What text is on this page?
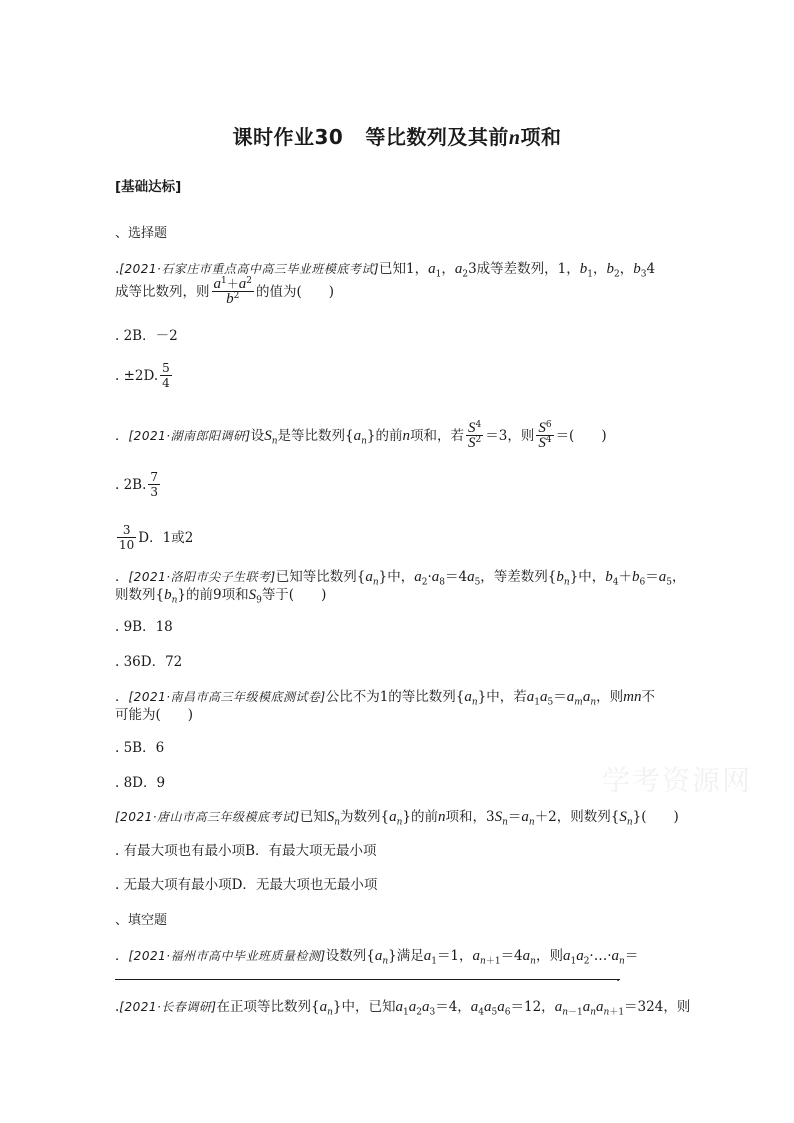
课时作业30 等比数列及其前n项和
[基础达标]
、选择题
.[2021·石家庄市重点高中高三毕业班模底考试]已知1，$a_1$，$a_23$成等差数列，1，$b_1$，$b_2$，$b_34$
成等比数列，则 $\frac{a^1+a^2}{b^2}$ 的值为(　　)
. 2B．－2
. ±2D. $\frac{5}{4}$
．[2021·湖南郎阳调研]设$S_n$是等比数列$\{a_n\}$的前n项和，若 $\frac{S^4}{S^2} =3$，则 $\frac{S^6}{S^4}$ ＝(　　)
. 2B. $\frac{7}{3}$
$\frac{3}{10}$ D．1或2
．[2021·洛阳市尖子生联考]已知等比数列$\{a_n\}$中，$a_2\cdot a_8=4a_5$，等差数列$\{b_n\}$中，$b_4+b_6=a_5$，
则数列$\{b_n\}$的前9项和$S_9$等于(　　)
. 9B．18
. 36D．72
．[2021·南昌市高三年级模底测试卷]公比不为1的等比数列$\{a_n\}$中，若$a_1a_5=a_ma_n$，则mn不
可能为(　　)
. 5B．6
. 8D．9
[2021·唐山市高三年级模底考试]已知$S_n$为数列$\{a_n\}$的前n项和，$3S_n=a_n+2$，则数列$\{S_n\}$(　　)
. 有最大项也有最小项B．有最大项无最小项
. 无最大项有最小项D．无最大项也无最小项
、填空题
．[2021·福州市高中毕业班质量检测]设数列$\{a_n\}$满足$a_1=1$，$a_{n+1}=4a_n$，则$a_1a_2\cdot\dots\cdot a_n=$
.
.[2021·长春调研]在正项等比数列$\{a_n\}$中，已知$a_1a_2a_3=4$，$a_4a_5a_6=12$，$a_{n-1}a_na_{n+1}=324$，则
学考资源网
